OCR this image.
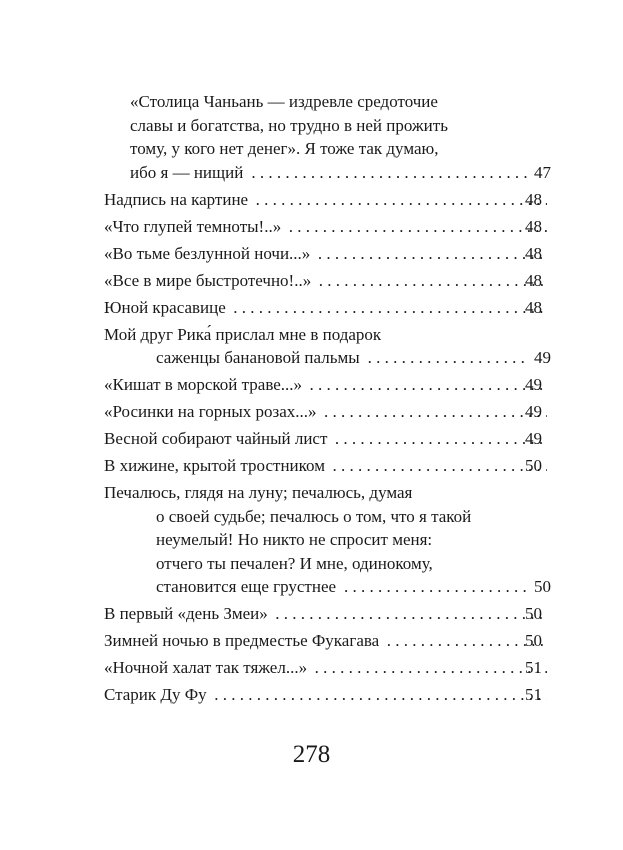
«Столица Чаньань — издревле средоточие
славы и богатства, но трудно в ней прожить
тому, у кого нет денег». Я тоже так думаю,
ибо я — нищий . . .	47
Надпись на картине . . .	48
«Что глупей темноты!..» . . .	48
«Во тьме безлунной ночи...» . . .	48
«Все в мире быстротечно!..» . . .	48
Юной красавице . . .	48
Мой друг Рика́ прислал мне в подарок
саженцы банановой пальмы . . .	49
«Кишат в морской траве...» . . .	49
«Росинки на горных розах...» . . .	49
Весной собирают чайный лист . . .	49
В хижине, крытой тростником . . .	50
Печалюсь, глядя на луну; печалюсь, думая
о своей судьбе; печалюсь о том, что я такой
неумелый! Но никто не спросит меня:
отчего ты печален? И мне, одинокому,
становится еще грустнее . . .	50
В первый «день Змеи» . . .	50
Зимней ночью в предместье Фукагава . . .	50
«Ночной халат так тяжел...» . . .	51
Старик Ду Фу . . .	51
278
